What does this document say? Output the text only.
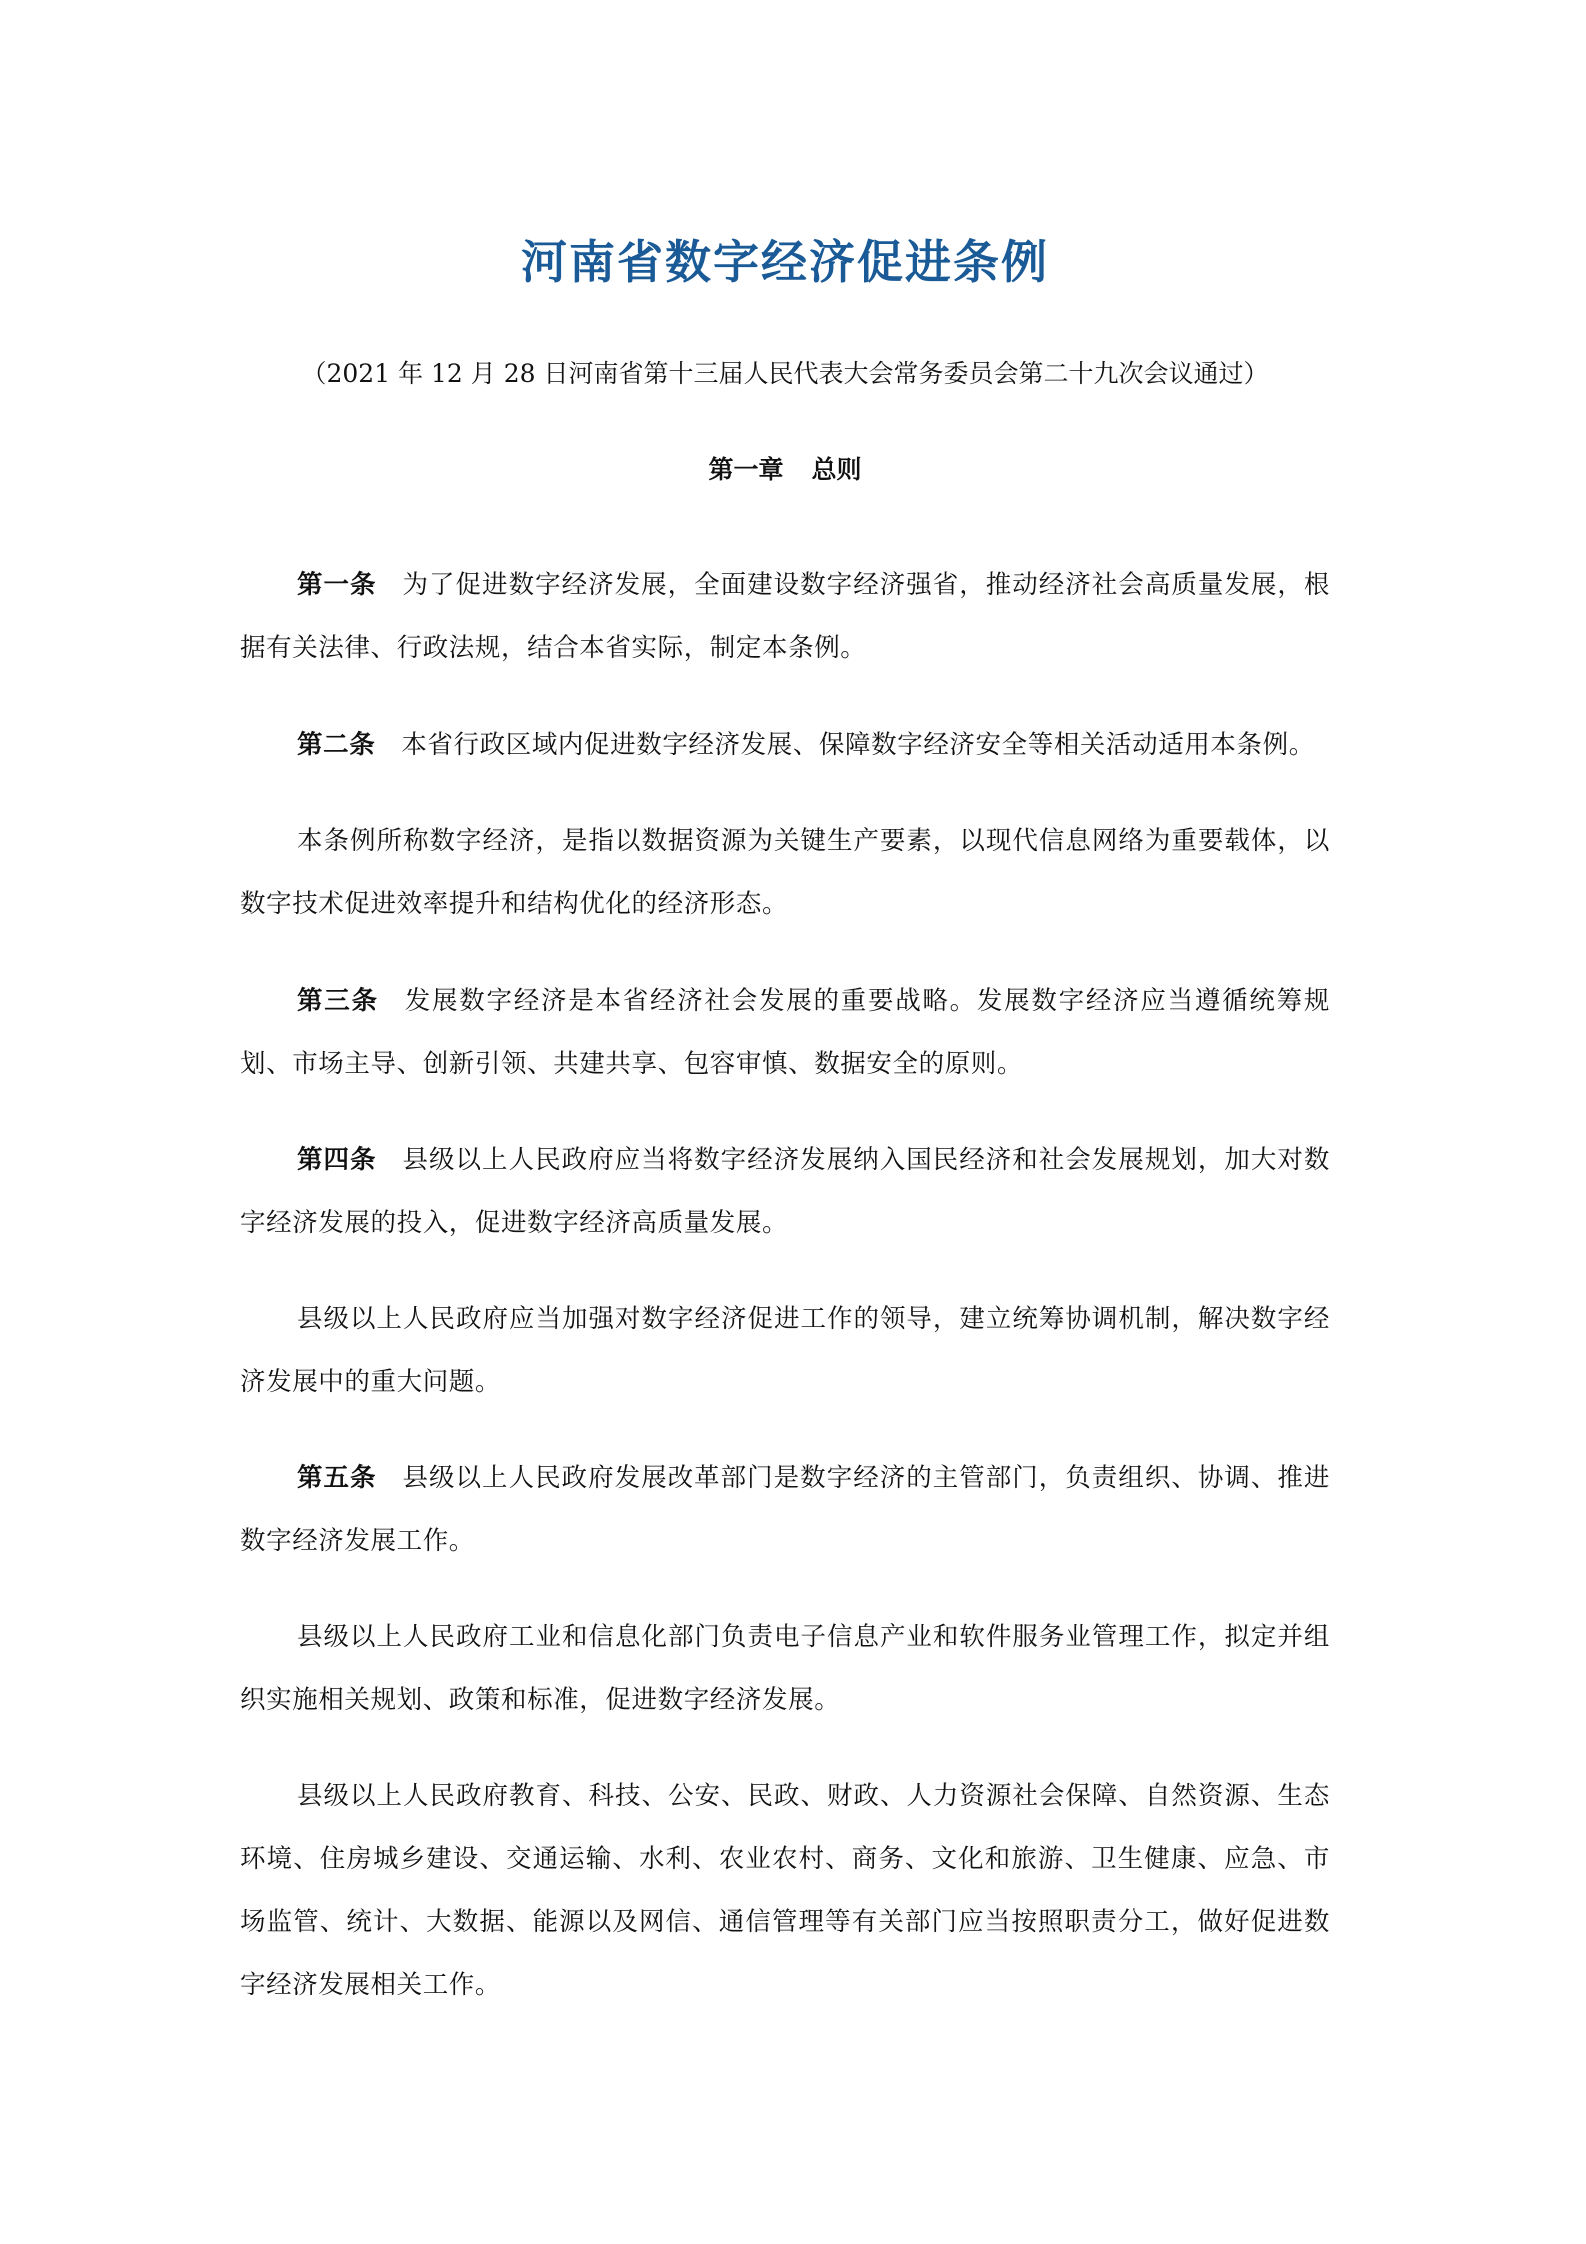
河南省数字经济促进条例
（2021 年 12 月 28 日河南省第十三届人民代表大会常务委员会第二十九次会议通过）
第一章 总则

第一条 为了促进数字经济发展，全面建设数字经济强省，推动经济社会高质量发展，根据有关法律、行政法规，结合本省实际，制定本条例。

第二条 本省行政区域内促进数字经济发展、保障数字经济安全等相关活动适用本条例。

本条例所称数字经济，是指以数据资源为关键生产要素，以现代信息网络为重要载体，以数字技术促进效率提升和结构优化的经济形态。

第三条 发展数字经济是本省经济社会发展的重要战略。发展数字经济应当遵循统筹规划、市场主导、创新引领、共建共享、包容审慎、数据安全的原则。

第四条 县级以上人民政府应当将数字经济发展纳入国民经济和社会发展规划，加大对数字经济发展的投入，促进数字经济高质量发展。

县级以上人民政府应当加强对数字经济促进工作的领导，建立统筹协调机制，解决数字经济发展中的重大问题。

第五条 县级以上人民政府发展改革部门是数字经济的主管部门，负责组织、协调、推进数字经济发展工作。

县级以上人民政府工业和信息化部门负责电子信息产业和软件服务业管理工作，拟定并组织实施相关规划、政策和标准，促进数字经济发展。

县级以上人民政府教育、科技、公安、民政、财政、人力资源社会保障、自然资源、生态环境、住房城乡建设、交通运输、水利、农业农村、商务、文化和旅游、卫生健康、应急、市场监管、统计、大数据、能源以及网信、通信管理等有关部门应当按照职责分工，做好促进数字经济发展相关工作。
